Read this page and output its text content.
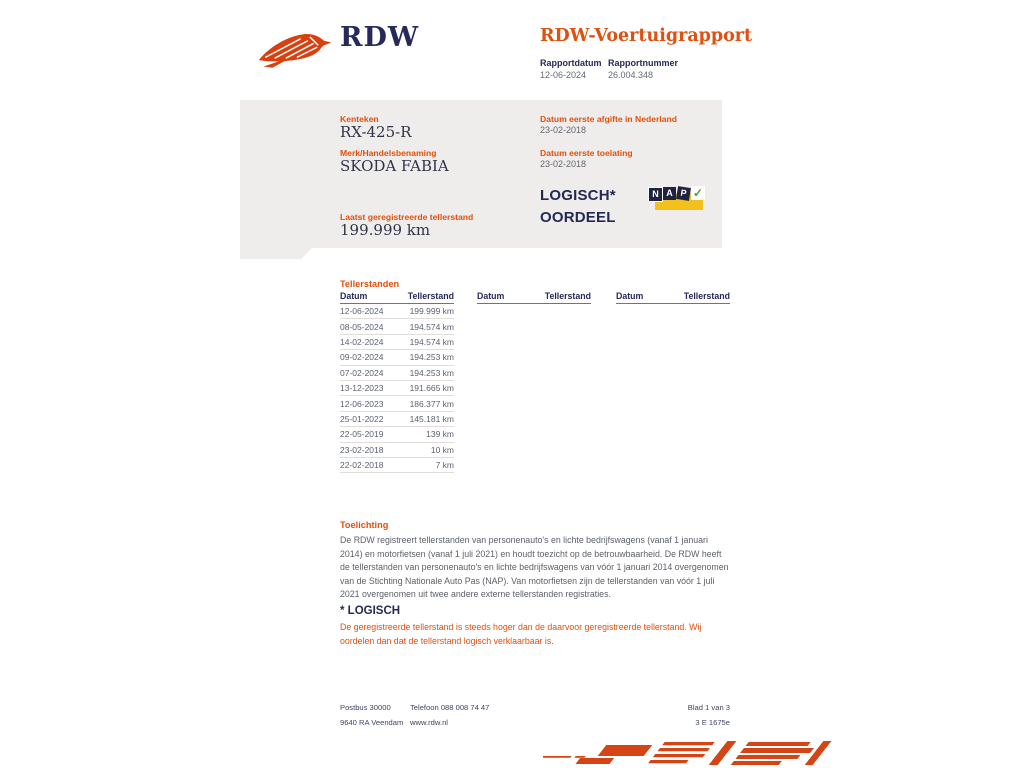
RDW	RDW-Voertuigrapport
Rapportdatum Rapportnummer
12-06-2024 26.004.348
Kenteken
RX-425-R
Merk/Handelsbenaming
SKODA FABIA
Laatst geregistreerde tellerstand
199.999 km
Datum eerste afgifte in Nederland
23-02-2018
Datum eerste toelating
23-02-2018
LOGISCH*
OORDEEL
N A P ✓
Tellerstanden
Datum	Tellerstand
12-06-2024	199.999 km
08-05-2024	194.574 km
14-02-2024	194.574 km
09-02-2024	194.253 km
07-02-2024	194.253 km
13-12-2023	191.665 km
12-06-2023	186.377 km
25-01-2022	145.181 km
22-05-2019	139 km
23-02-2018	10 km
22-02-2018	7 km
Datum	Tellerstand	Datum	Tellerstand
Toelichting
De RDW registreert tellerstanden van personenauto's en lichte bedrijfswagens (vanaf 1 januari 2014) en motorfietsen (vanaf 1 juli 2021) en houdt toezicht op de betrouwbaarheid. De RDW heeft de tellerstanden van personenauto's en lichte bedrijfswagens van vóór 1 januari 2014 overgenomen van de Stichting Nationale Auto Pas (NAP). Van motorfietsen zijn de tellerstanden van vóór 1 juli 2021 overgenomen uit twee andere externe tellerstanden registraties.
* LOGISCH
De geregistreerde tellerstand is steeds hoger dan de daarvoor geregistreerde tellerstand. Wij oordelen dan dat de tellerstand logisch verklaarbaar is.
Postbus 30000
9640 RA Veendam
Telefoon 088 008 74 47
www.rdw.nl
Blad 1 van 3
3 E 1675e
